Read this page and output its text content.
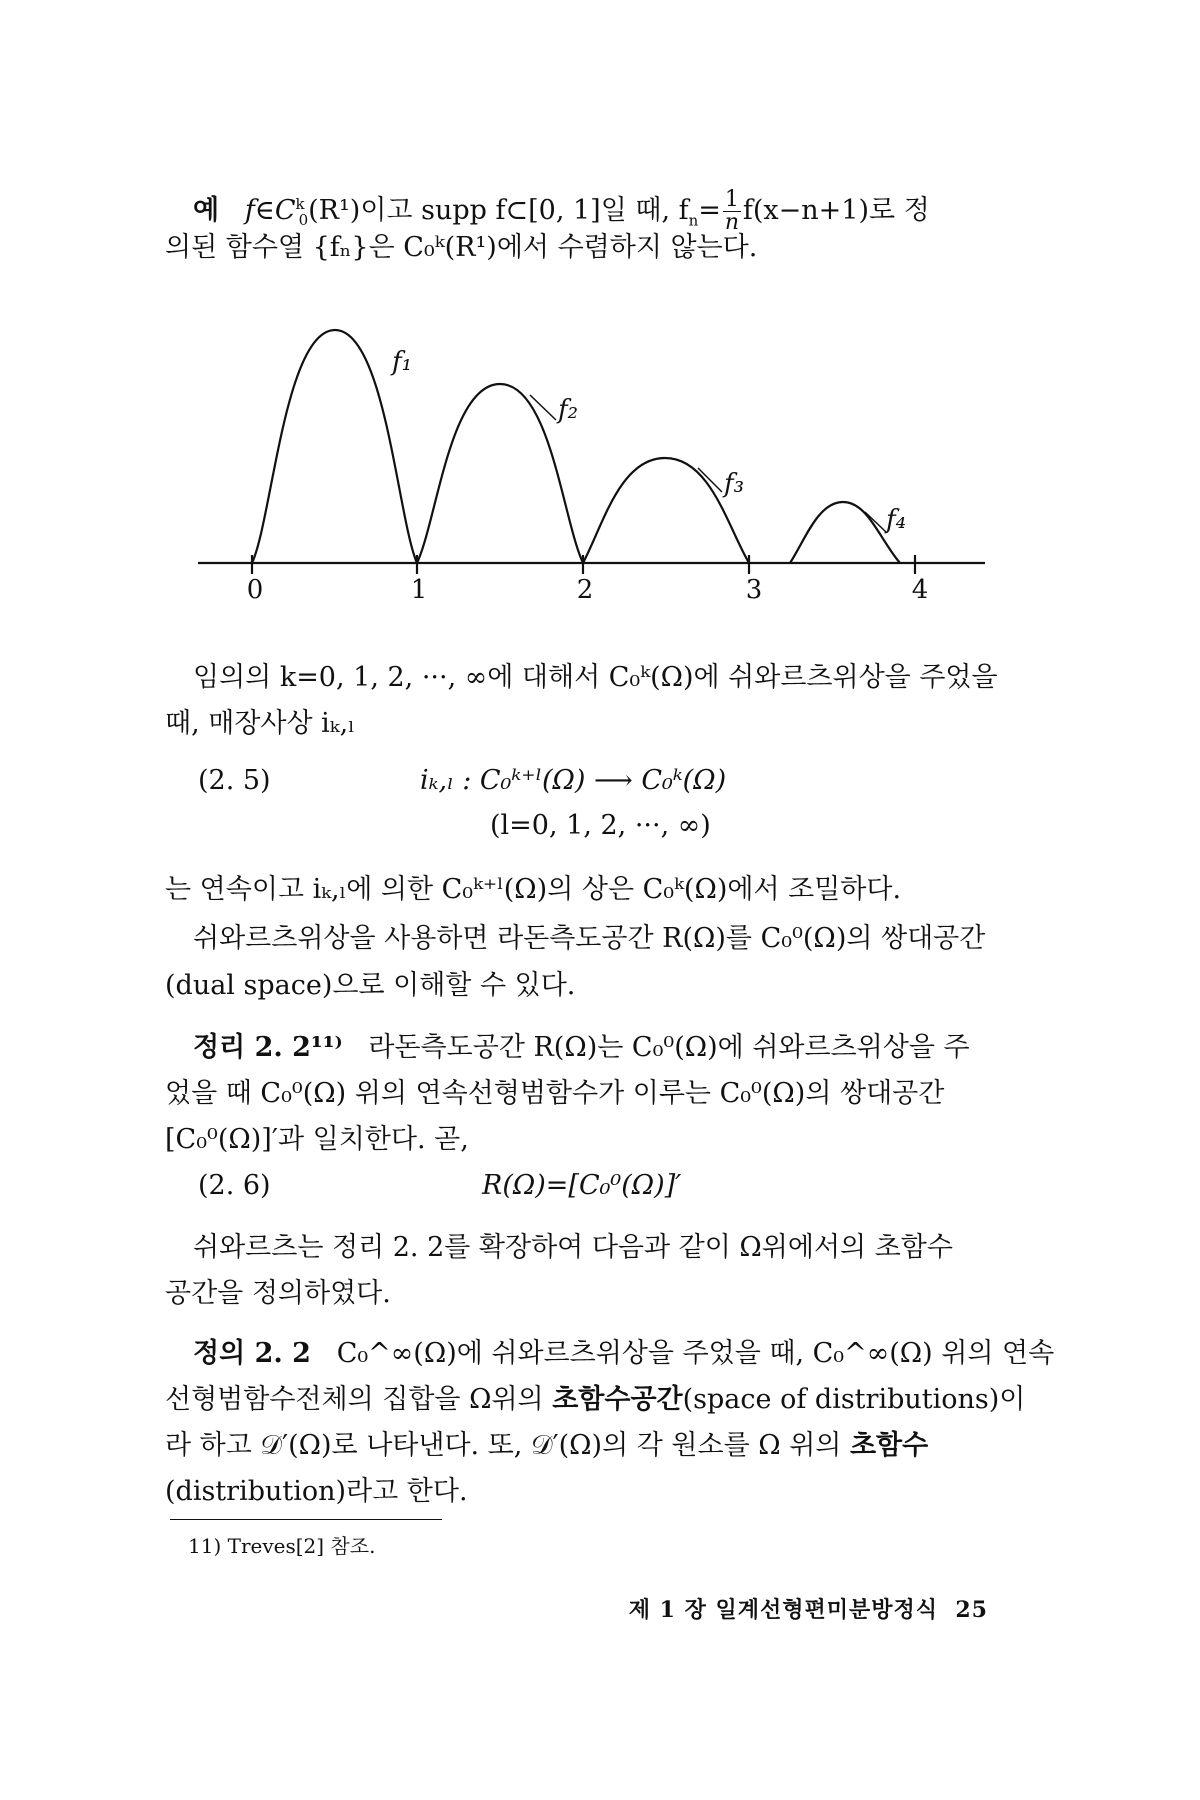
예 $f\in C^k_0(R^1)$이고 supp f⊂[0, 1]일 때, $f_n= \frac{1}{n} f(x-n+1)$로 정
의된 함수열 {fₙ}은 C₀ᵏ(R¹)에서 수렴하지 않는다.
f₁
f₂
f₃
f₄
0	1	2	3	4
임의의 k=0, 1, 2, ···, ∞에 대해서 C₀ᵏ(Ω)에 쉬와르츠위상을 주었을
때, 매장사상 iₖ,ₗ
(2. 5)	iₖ,ₗ : C₀ᵏ⁺ˡ(Ω) ⟶ C₀ᵏ(Ω)
(l=0, 1, 2, ···, ∞)
는 연속이고 iₖ,ₗ에 의한 C₀ᵏ⁺ˡ(Ω)의 상은 C₀ᵏ(Ω)에서 조밀하다.
쉬와르츠위상을 사용하면 라돈측도공간 R(Ω)를 C₀⁰(Ω)의 쌍대공간
(dual space)으로 이해할 수 있다.
정리 2. 2¹¹⁾ 라돈측도공간 R(Ω)는 C₀⁰(Ω)에 쉬와르츠위상을 주
었을 때 C₀⁰(Ω) 위의 연속선형범함수가 이루는 C₀⁰(Ω)의 쌍대공간
[C₀⁰(Ω)]′과 일치한다. 곧,
(2. 6)	R(Ω)=[C₀⁰(Ω)]′
쉬와르츠는 정리 2. 2를 확장하여 다음과 같이 Ω위에서의 초함수
공간을 정의하였다.
정의 2. 2 C₀^∞(Ω)에 쉬와르츠위상을 주었을 때, C₀^∞(Ω) 위의 연속
선형범함수전체의 집합을 Ω위의 초함수공간(space of distributions)이
라 하고 𝒟′(Ω)로 나타낸다. 또, 𝒟′(Ω)의 각 원소를 Ω 위의 초함수
(distribution)라고 한다.
11) Treves[2] 참조.
제 1 장 일계선형편미분방정식 25
